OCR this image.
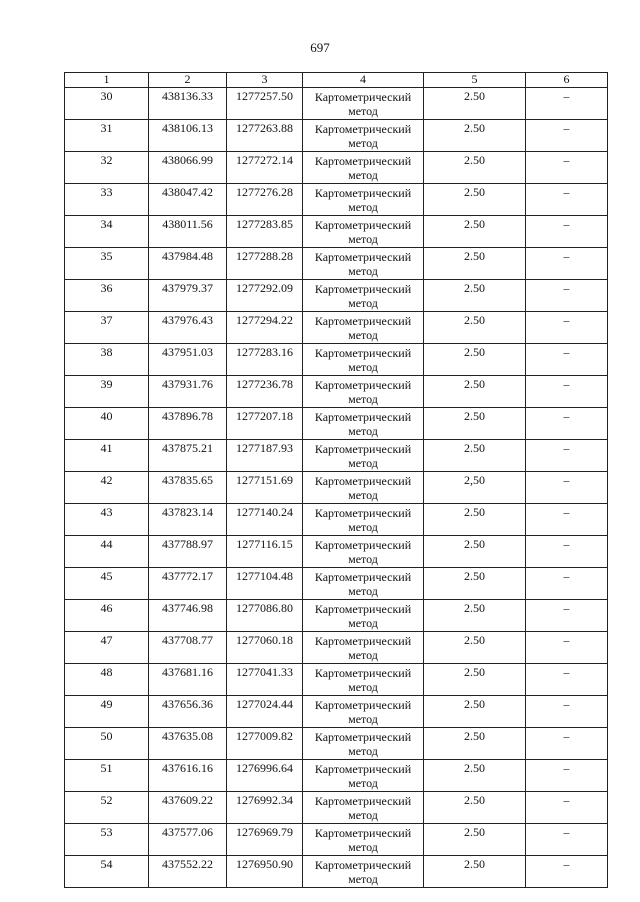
697
1	2	3	4	5	6
30	438136.33	1277257.50	Картометрический метод	2.50	–
31	438106.13	1277263.88	Картометрический метод	2.50	–
32	438066.99	1277272.14	Картометрический метод	2.50	–
33	438047.42	1277276.28	Картометрический метод	2.50	–
34	438011.56	1277283.85	Картометрический метод	2.50	–
35	437984.48	1277288.28	Картометрический метод	2.50	–
36	437979.37	1277292.09	Картометрический метод	2.50	–
37	437976.43	1277294.22	Картометрический метод	2.50	–
38	437951.03	1277283.16	Картометрический метод	2.50	–
39	437931.76	1277236.78	Картометрический метод	2.50	–
40	437896.78	1277207.18	Картометрический метод	2.50	–
41	437875.21	1277187.93	Картометрический метод	2.50	–
42	437835.65	1277151.69	Картометрический метод	2,50	–
43	437823.14	1277140.24	Картометрический метод	2.50	–
44	437788.97	1277116.15	Картометрический метод	2.50	–
45	437772.17	1277104.48	Картометрический метод	2.50	–
46	437746.98	1277086.80	Картометрический метод	2.50	–
47	437708.77	1277060.18	Картометрический метод	2.50	–
48	437681.16	1277041.33	Картометрический метод	2.50	–
49	437656.36	1277024.44	Картометрический метод	2.50	–
50	437635.08	1277009.82	Картометрический метод	2.50	–
51	437616.16	1276996.64	Картометрический метод	2.50	–
52	437609.22	1276992.34	Картометрический метод	2.50	–
53	437577.06	1276969.79	Картометрический метод	2.50	–
54	437552.22	1276950.90	Картометрический метод	2.50	–
